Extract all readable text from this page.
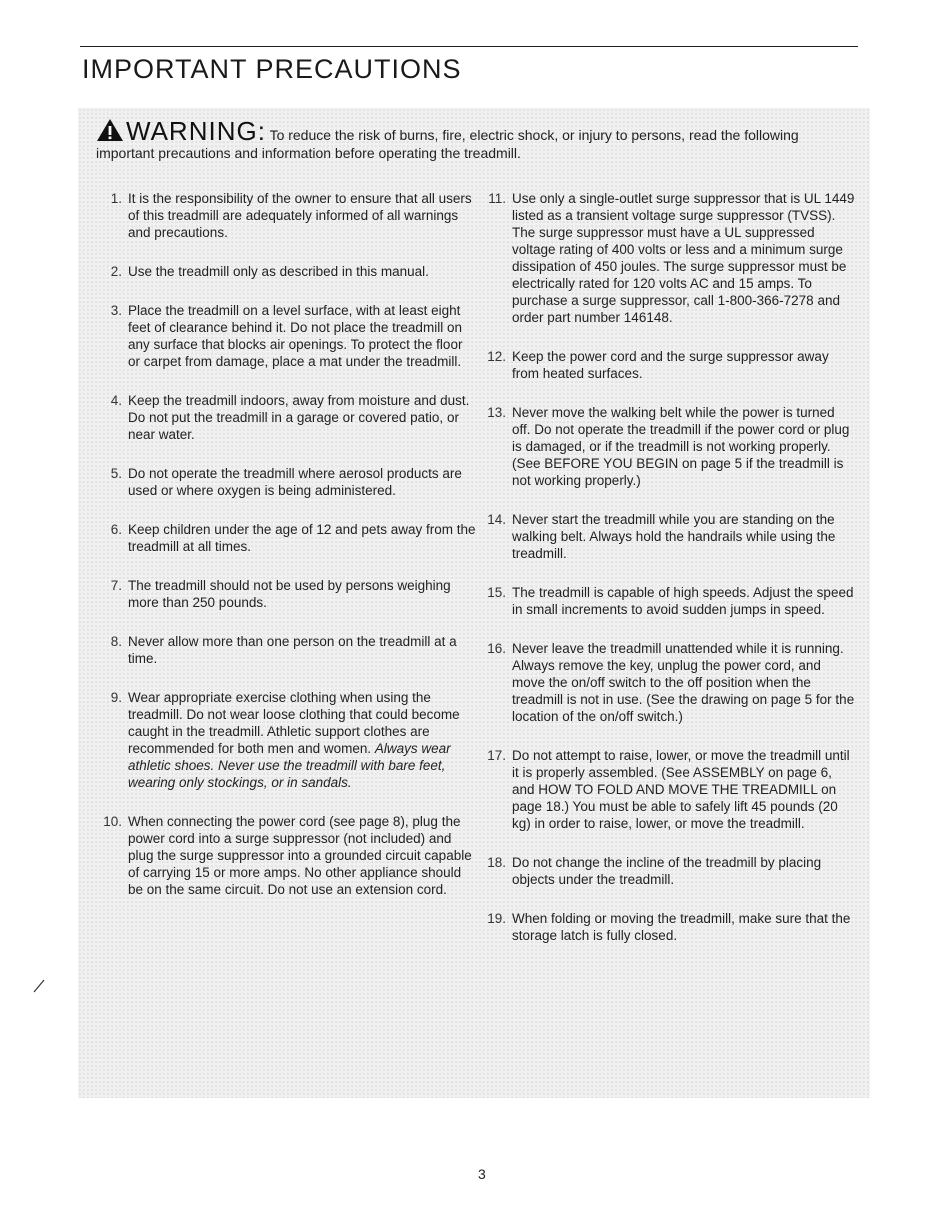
IMPORTANT PRECAUTIONS
WARNING: To reduce the risk of burns, fire, electric shock, or injury to persons, read the following important precautions and information before operating the treadmill.
1. It is the responsibility of the owner to ensure that all users of this treadmill are adequately informed of all warnings and precautions.
2. Use the treadmill only as described in this manual.
3. Place the treadmill on a level surface, with at least eight feet of clearance behind it. Do not place the treadmill on any surface that blocks air openings. To protect the floor or carpet from damage, place a mat under the treadmill.
4. Keep the treadmill indoors, away from moisture and dust. Do not put the treadmill in a garage or covered patio, or near water.
5. Do not operate the treadmill where aerosol products are used or where oxygen is being administered.
6. Keep children under the age of 12 and pets away from the treadmill at all times.
7. The treadmill should not be used by persons weighing more than 250 pounds.
8. Never allow more than one person on the treadmill at a time.
9. Wear appropriate exercise clothing when using the treadmill. Do not wear loose clothing that could become caught in the treadmill. Athletic support clothes are recommended for both men and women. Always wear athletic shoes. Never use the treadmill with bare feet, wearing only stockings, or in sandals.
10. When connecting the power cord (see page 8), plug the power cord into a surge suppressor (not included) and plug the surge suppressor into a grounded circuit capable of carrying 15 or more amps. No other appliance should be on the same circuit. Do not use an extension cord.
11. Use only a single-outlet surge suppressor that is UL 1449 listed as a transient voltage surge suppressor (TVSS). The surge suppressor must have a UL suppressed voltage rating of 400 volts or less and a minimum surge dissipation of 450 joules. The surge suppressor must be electrically rated for 120 volts AC and 15 amps. To purchase a surge suppressor, call 1-800-366-7278 and order part number 146148.
12. Keep the power cord and the surge suppressor away from heated surfaces.
13. Never move the walking belt while the power is turned off. Do not operate the treadmill if the power cord or plug is damaged, or if the treadmill is not working properly. (See BEFORE YOU BEGIN on page 5 if the treadmill is not working properly.)
14. Never start the treadmill while you are standing on the walking belt. Always hold the handrails while using the treadmill.
15. The treadmill is capable of high speeds. Adjust the speed in small increments to avoid sudden jumps in speed.
16. Never leave the treadmill unattended while it is running. Always remove the key, unplug the power cord, and move the on/off switch to the off position when the treadmill is not in use. (See the drawing on page 5 for the location of the on/off switch.)
17. Do not attempt to raise, lower, or move the treadmill until it is properly assembled. (See ASSEMBLY on page 6, and HOW TO FOLD AND MOVE THE TREADMILL on page 18.) You must be able to safely lift 45 pounds (20 kg) in order to raise, lower, or move the treadmill.
18. Do not change the incline of the treadmill by placing objects under the treadmill.
19. When folding or moving the treadmill, make sure that the storage latch is fully closed.
3
